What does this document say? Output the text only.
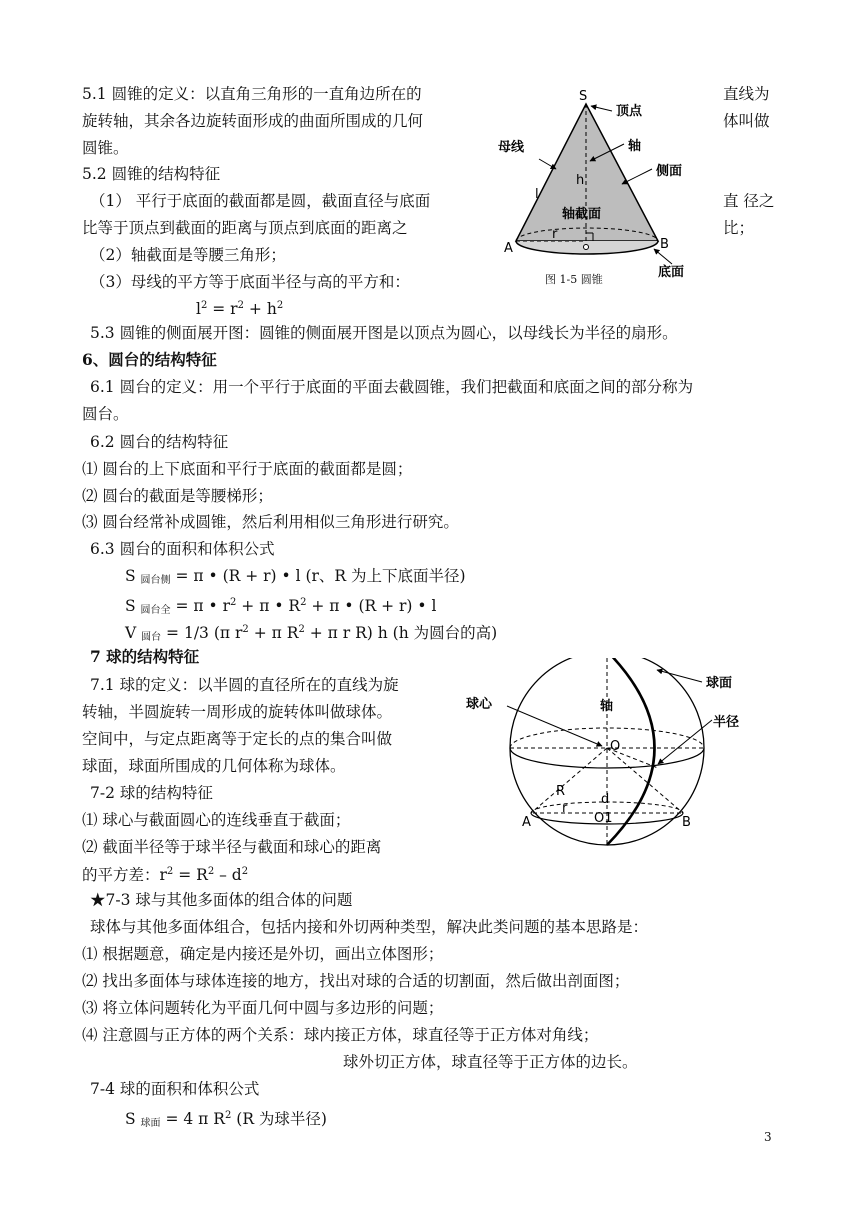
5.1 圆锥的定义：以直角三角形的一直角边所在的	直线为
旋转轴，其余各边旋转面形成的曲面所围成的几何	体叫做
圆锥。
5.2 圆锥的结构特征
（1） 平行于底面的截面都是圆，截面直径与底面	直 径之
比等于顶点到截面的距离与顶点到底面的距离之	比；
（2）轴截面是等腰三角形；
（3）母线的平方等于底面半径与高的平方和：
$l^2 = r^2 + h^2$
5.3 圆锥的侧面展开图：圆锥的侧面展开图是以顶点为圆心，以母线长为半径的扇形。
S
顶点
母线	轴
侧面
h
l
轴截面
A	B
r
底面
图 1-5 圆锥
6、圆台的结构特征
6.1 圆台的定义：用一个平行于底面的平面去截圆锥，我们把截面和底面之间的部分称为
圆台。
6.2 圆台的结构特征
⑴ 圆台的上下底面和平行于底面的截面都是圆；
⑵ 圆台的截面是等腰梯形；
⑶ 圆台经常补成圆锥，然后利用相似三角形进行研究。
6.3 圆台的面积和体积公式
S $_{圆台侧}$ = π • (R + r) • l (r、R 为上下底面半径)
S $_{圆台全}$ = π • $r^2 + \pi$ • $R^2 + \pi$ • (R + r) • l
V $_{圆台}$ = 1/3 (π $r^2 + \pi$ $R^2 + \pi$ r R) h (h 为圆台的高)
7 球的结构特征
7.1 球的定义：以半圆的直径所在的直线为旋
转轴，半圆旋转一周形成的旋转体叫做球体。
空间中，与定点距离等于定长的点的集合叫做
球面，球面所围成的几何体称为球体。
7-2 球的结构特征
⑴ 球心与截面圆心的连线垂直于截面；
⑵ 截面半径等于球半径与截面和球心的距离
的平方差：$r^2 = R^2 - d^2$
★7-3 球与其他多面体的组合体的问题
球体与其他多面体组合，包括内接和外切两种类型，解决此类问题的基本思路是：
⑴ 根据题意，确定是内接还是外切，画出立体图形；
⑵ 找出多面体与球体连接的地方，找出对球的合适的切割面，然后做出剖面图；
⑶ 将立体问题转化为平面几何中圆与多边形的问题；
⑷ 注意圆与正方体的两个关系：球内接正方体，球直径等于正方体对角线；
球外切正方体，球直径等于正方体的边长。
7-4 球的面积和体积公式
S $_{球面}$ = 4 π $R^2$ (R 为球半径)
球面
球心	轴
半径
O
R
d
r
O1
A	B
3
